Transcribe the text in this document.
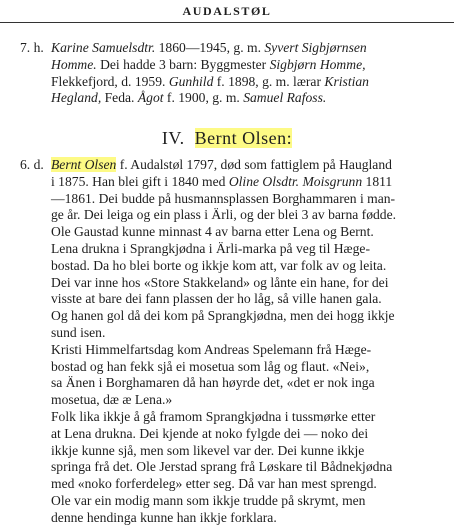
AUDALSTØL
7. h. Karine Samuelsdtr. 1860—1945, g. m. Syvert Sigbjørnsen
Homme. Dei hadde 3 barn: Byggmester Sigbjørn Homme,
Flekkefjord, d. 1959. Gunhild f. 1898, g. m. lærar Kristian
Hegland, Feda. Ågot f. 1900, g. m. Samuel Rafoss.
IV. Bernt Olsen:
6. d. Bernt Olsen f. Audalstøl 1797, død som fattiglem på Haugland
i 1875. Han blei gift i 1840 med Oline Olsdtr. Moisgrunn 1811
—1861. Dei budde på husmannsplassen Borghammaren i man-
ge år. Dei leiga og ein plass i Ärli, og der blei 3 av barna fødde.
Ole Gaustad kunne minnast 4 av barna etter Lena og Bernt.
Lena drukna i Sprangkjødna i Ärli-marka på veg til Hæge-
bostad. Da ho blei borte og ikkje kom att, var folk av og leita.
Dei var inne hos «Store Stakkeland» og lånte ein hane, for dei
visste at bare dei fann plassen der ho låg, så ville hanen gala.
Og hanen gol då dei kom på Sprangkjødna, men dei hogg ikkje
sund isen.
Kristi Himmelfartsdag kom Andreas Spelemann frå Hæge-
bostad og han fekk sjå ei mosetua som låg og flaut. «Nei»,
sa Änen i Borghamaren då han høyrde det, «det er nok inga
mosetua, dæ æ Lena.»
Folk lika ikkje å gå framom Sprangkjødna i tussmørke etter
at Lena drukna. Dei kjende at noko fylgde dei — noko dei
ikkje kunne sjå, men som likevel var der. Dei kunne ikkje
springa frå det. Ole Jerstad sprang frå Løskare til Bådnekjødna
med «noko forferdeleg» etter seg. Då var han mest sprengd.
Ole var ein modig mann som ikkje trudde på skrymt, men
denne hendinga kunne han ikkje forklara.
